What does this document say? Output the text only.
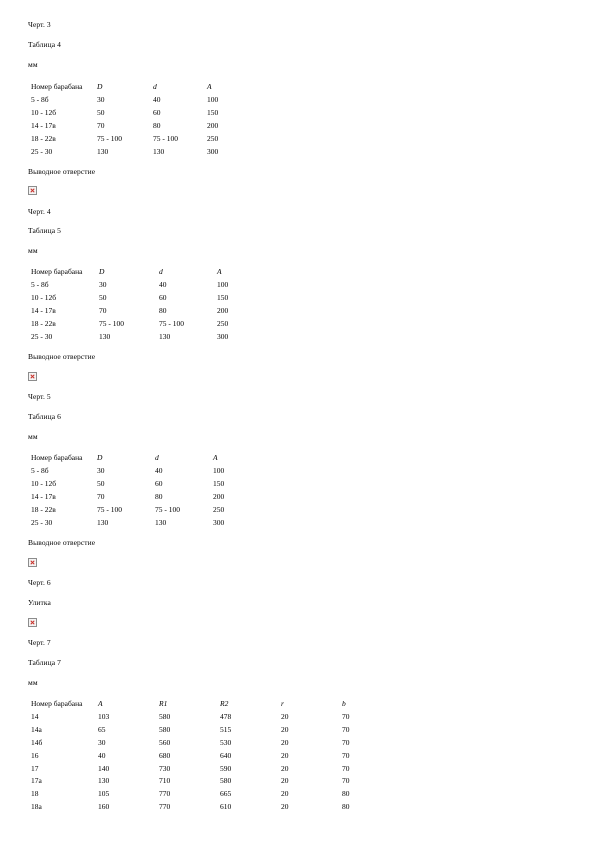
Черт. 3
Таблица 4
мм
Номер барабана	D	d	A
5 - 8б	30	40	100
10 - 12б	50	60	150
14 - 17в	70	80	200
18 - 22в	75 - 100	75 - 100	250
25 - 30	130	130	300
Выводное отверстие
Черт. 4
Таблица 5
мм
Номер барабана	D	d	A
5 - 8б	30	40	100
10 - 12б	50	60	150
14 - 17в	70	80	200
18 - 22в	75 - 100	75 - 100	250
25 - 30	130	130	300
Выводное отверстие
Черт. 5
Таблица 6
мм
Номер барабана	D	d	A
5 - 8б	30	40	100
10 - 12б	50	60	150
14 - 17в	70	80	200
18 - 22в	75 - 100	75 - 100	250
25 - 30	130	130	300
Выводное отверстие
Черт. 6
Улитка
Черт. 7
Таблица 7
мм
Номер барабана	A	R1	R2	r	b
14	103	580	478	20	70
14а	65	580	515	20	70
14б	30	560	530	20	70
16	40	680	640	20	70
17	140	730	590	20	70
17а	130	710	580	20	70
18	105	770	665	20	80
18а	160	770	610	20	80
